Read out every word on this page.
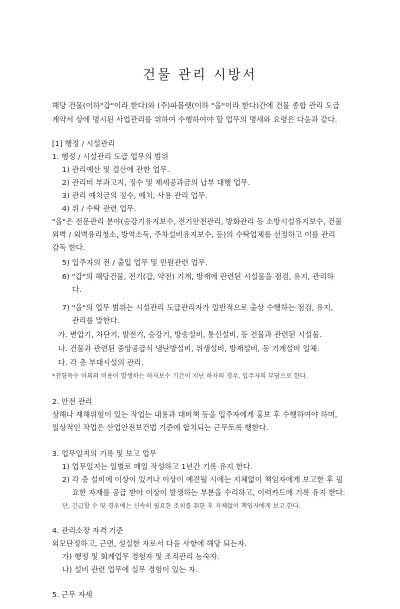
건물 관리 시방서
해당 건물(이하"갑"이라 한다)와 (주)파블렛(이하 "을"이라 한다)간에 건물 종합 관리 도급
계약서 상에 명시된 사업관리를 위하여 수행하여야 할 업무의 명세와 요령은 다음과 같다.
[1] 행정 / 시설관리
1. 행정 / 시설관리 도급 업무의 범위
1) 관리예산 및 결산에 관한 업무.
2) 관리비 부과고지, 징수 및 제세공과금의 납부 대행 업무.
3) 관리 예치금의 징수, 예치, 사용 관리 업무.
4) 위 / 수탁 관련 업무.
"을"은 전문관리 분야(승강기유지보수, 전기안전관리, 방화관리 등 소방시설유지보수, 건물
외벽 / 외벽유리청소, 방역소독, 주차설비유지보수, 등)의 수탁업체를 선정하고 이를 관리
감독 한다.
5) 입주자의 전 / 출입 업무 및 민원관련 업무.
6) "갑"의 해당건물, 전기(갑, 약전) 기계, 방재에 관련된 시설물을 점검, 유지, 관리하
다.
7) "을"의 업무 범위는 시설관리 도급관리자가 일반적으로 출상 수행하는 점검, 유지,
관리를 말한다.
가. 변압기, 차단기, 발전기, 승강기, 방송설비, 통신설비, 등 건물과 관련된 시설물.
나. 건물과 관련된 중앙공급식 냉난방설비, 위생설비, 방재설비, 등 기계설비 일체.
다. 각 층 부대시설의 관리.
*전항목수 이외의 비용이 발생하는 하자보수 기간이 지난 하자의 경우, 입주자의 부담으로 한다.
2. 안전 관리
상해나 재해위험이 있는 작업는 내용과 대비책 등을 입주자에게 홍보 후 수행하여야 하며,
일상적인 작업은 산업안전보건법 기준에 합치되는 근무토록 행한다.
3. 업무일지의 기록 및 보고 업무
1) 업무일지는 일별로 매일 작성하고 1년간 기록 유지 한다.
2) 각 층 설비에 이상이 있거나 이상이 예견될 시에는 지체없이 책임자에게 보고한 후 필
요한 자재를 공급 받아 이상이 발생하는 부분을 수리하고, 이력카드에 기록 유지 한다.
단, 긴급할 수 및 경우에는 신속히 필요한 조치를 취한 후 지체없이 책임자에게 보고 한다.
4. 관리소장 자격 기준
외모단정하고, 근면, 성실한 자로서 다음 사항에 해당 되는자.
가) 행정 및 회계업무 경험자 및 조직관리 능숙자.
나) 설비 관련 업무에 실무 경험이 있는 자.
5. 근무 자세
